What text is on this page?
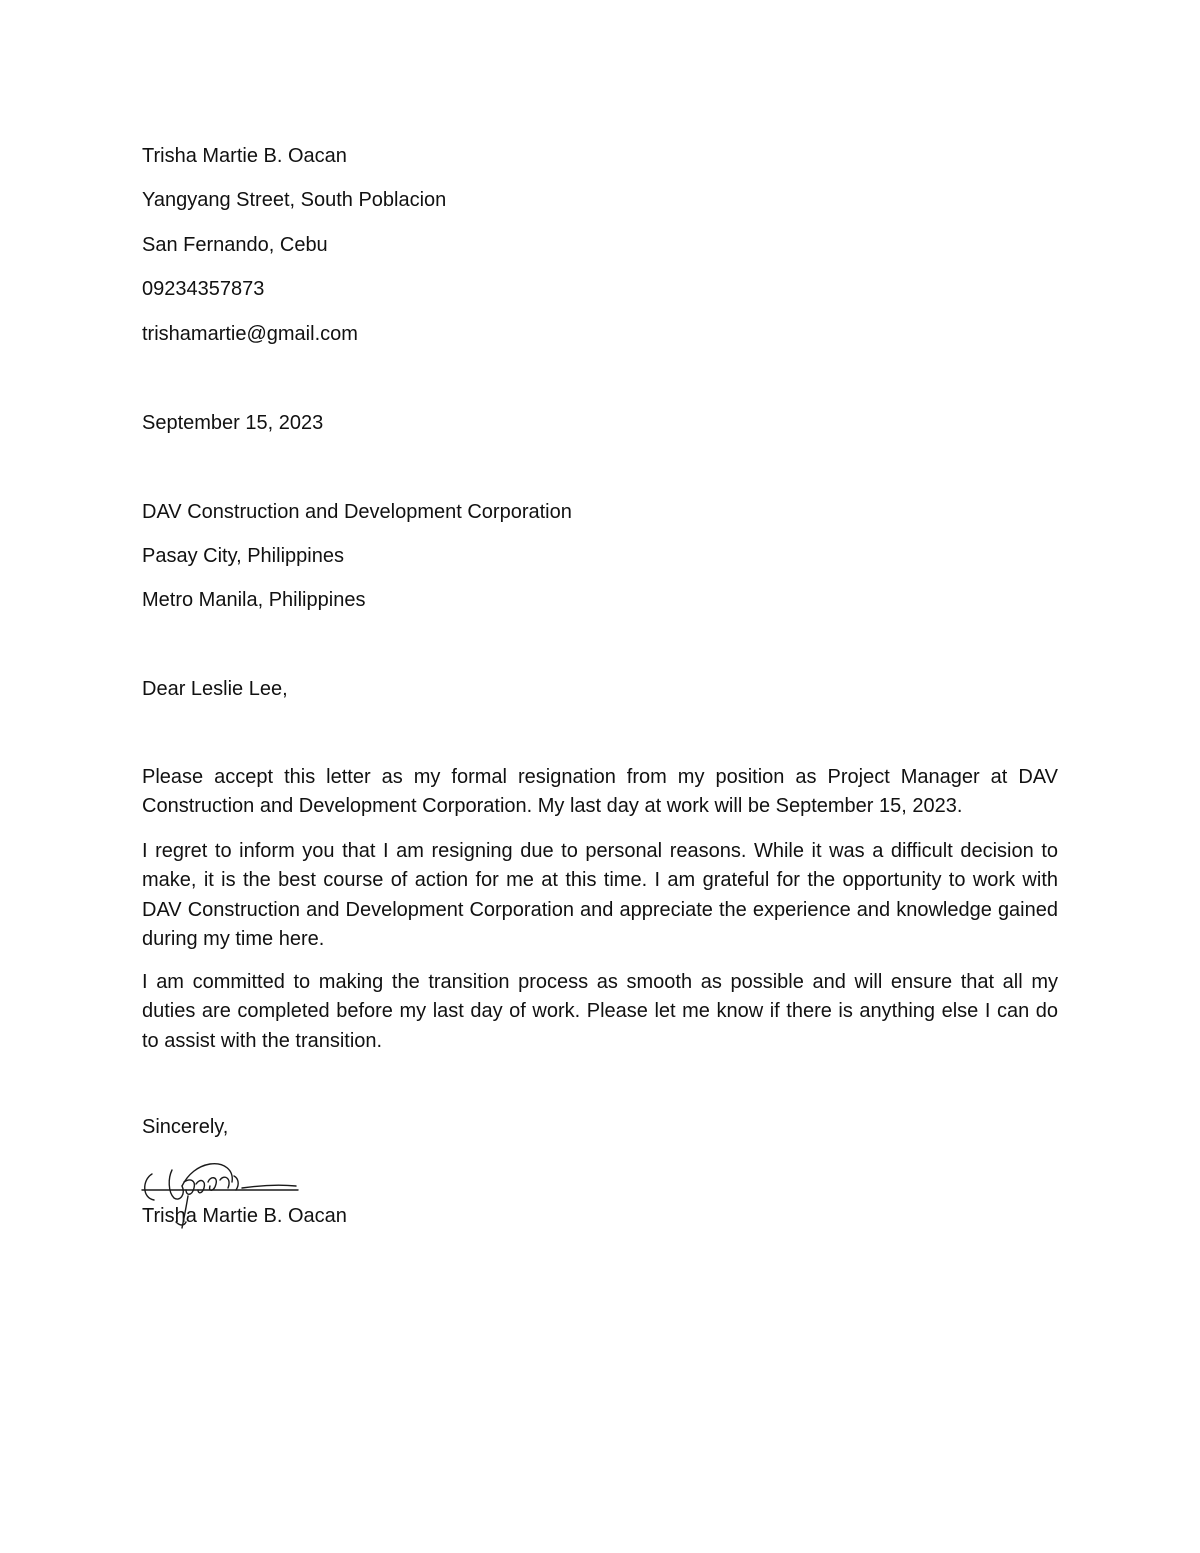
Trisha Martie B. Oacan
Yangyang Street, South Poblacion
San Fernando, Cebu
09234357873
trishamartie@gmail.com
September 15, 2023
DAV Construction and Development Corporation
Pasay City, Philippines
Metro Manila, Philippines
Dear Leslie Lee,

Please accept this letter as my formal resignation from my position as Project Manager at DAV Construction and Development Corporation. My last day at work will be September 15, 2023.

I regret to inform you that I am resigning due to personal reasons. While it was a difficult decision to make, it is the best course of action for me at this time. I am grateful for the opportunity to work with DAV Construction and Development Corporation and appreciate the experience and knowledge gained during my time here.

I am committed to making the transition process as smooth as possible and will ensure that all my duties are completed before my last day of work. Please let me know if there is anything else I can do to assist with the transition.

Sincerely,
Trisha Martie B. Oacan
